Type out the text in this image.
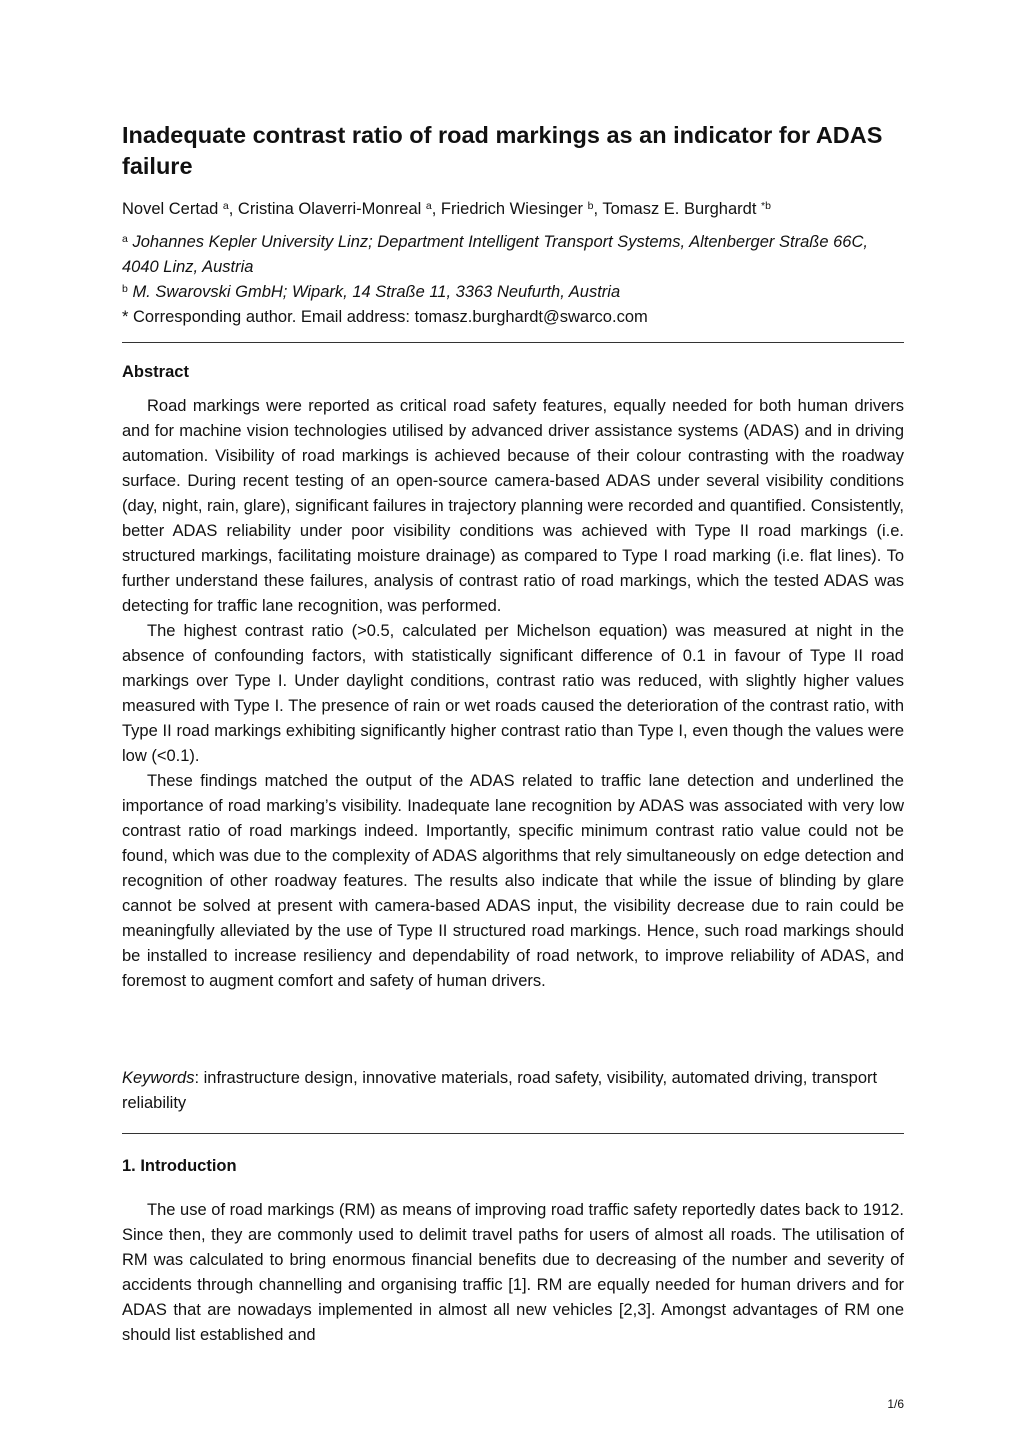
Inadequate contrast ratio of road markings as an indicator for ADAS failure
Novel Certad $^a$, Cristina Olaverri-Monreal $^a$, Friedrich Wiesinger $^b$, Tomasz E. Burghardt $^{*b}$
$^a$ Johannes Kepler University Linz; Department Intelligent Transport Systems, Altenberger Straße 66C, 4040 Linz, Austria
$^b$ M. Swarovski GmbH; Wipark, 14 Straße 11, 3363 Neufurth, Austria
* Corresponding author. Email address: tomasz.burghardt@swarco.com
Abstract

Road markings were reported as critical road safety features, equally needed for both human drivers and for machine vision technologies utilised by advanced driver assistance systems (ADAS) and in driving automation. Visibility of road markings is achieved because of their colour contrasting with the roadway surface. During recent testing of an open-source camera-based ADAS under several visibility conditions (day, night, rain, glare), significant failures in trajectory planning were recorded and quantified. Consistently, better ADAS reliability under poor visibility conditions was achieved with Type II road markings (i.e. structured markings, facilitating moisture drainage) as compared to Type I road marking (i.e. flat lines). To further understand these failures, analysis of contrast ratio of road markings, which the tested ADAS was detecting for traffic lane recognition, was performed.

The highest contrast ratio (>0.5, calculated per Michelson equation) was measured at night in the absence of confounding factors, with statistically significant difference of 0.1 in favour of Type II road markings over Type I. Under daylight conditions, contrast ratio was reduced, with slightly higher values measured with Type I. The presence of rain or wet roads caused the deterioration of the contrast ratio, with Type II road markings exhibiting significantly higher contrast ratio than Type I, even though the values were low (<0.1).

These findings matched the output of the ADAS related to traffic lane detection and underlined the importance of road marking’s visibility. Inadequate lane recognition by ADAS was associated with very low contrast ratio of road markings indeed. Importantly, specific minimum contrast ratio value could not be found, which was due to the complexity of ADAS algorithms that rely simultaneously on edge detection and recognition of other roadway features. The results also indicate that while the issue of blinding by glare cannot be solved at present with camera-based ADAS input, the visibility decrease due to rain could be meaningfully alleviated by the use of Type II structured road markings. Hence, such road markings should be installed to increase resiliency and dependability of road network, to improve reliability of ADAS, and foremost to augment comfort and safety of human drivers.

Keywords: infrastructure design, innovative materials, road safety, visibility, automated driving, transport reliability
1. Introduction

The use of road markings (RM) as means of improving road traffic safety reportedly dates back to 1912. Since then, they are commonly used to delimit travel paths for users of almost all roads. The utilisation of RM was calculated to bring enormous financial benefits due to decreasing of the number and severity of accidents through channelling and organising traffic [1]. RM are equally needed for human drivers and for ADAS that are nowadays implemented in almost all new vehicles [2,3]. Amongst advantages of RM one should list established and

1/6
